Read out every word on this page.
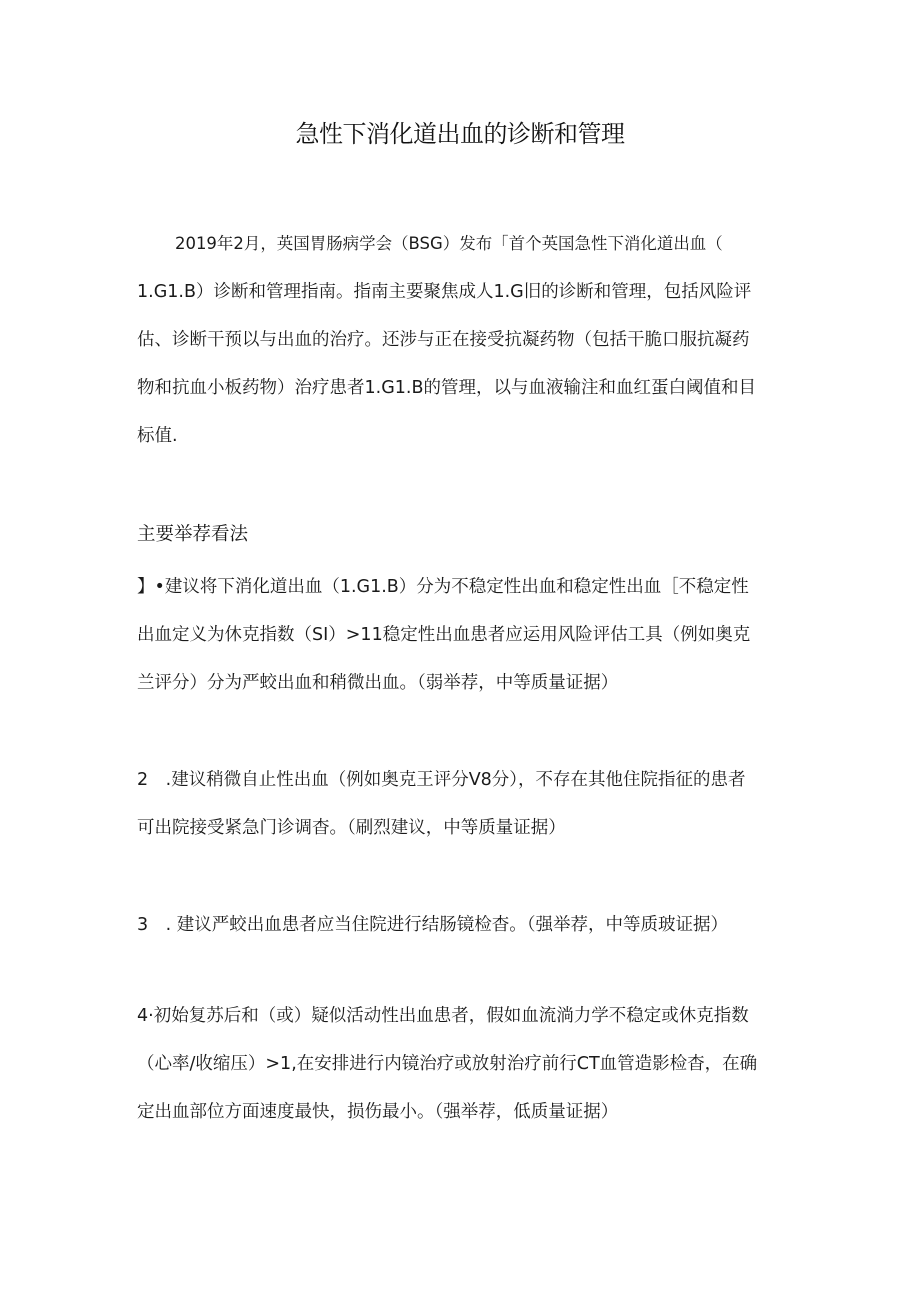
急性下消化道出血的诊断和管理
2019年2月，英国胃肠病学会（BSG）发布「首个英国急性下消化道出血（
1.G1.B）诊断和管理指南。指南主要聚焦成人1.G旧的诊断和管理，包括风险评
估、诊断干预以与出血的治疗。还涉与正在接受抗凝药物（包括干脆口服抗凝药
物和抗血小板药物）治疗患者1.G1.B的管理，以与血液输注和血红蛋白阈值和目
标值.
主要举荐看法
】•建议将下消化道出血（1.G1.B）分为不稳定性出血和稳定性出血［不稳定性
出血定义为休克指数（SI）>11稳定性出血患者应运用风险评估工具（例如奥克
兰评分）分为严蛟出血和稍微出血。（弱举荐，中等质量证据）
2　.建议稍微自止性出血（例如奥克王评分V8分），不存在其他住院指征的患者
可出院接受紧急门诊调杳。（刷烈建议，中等质量证据）
3　. 建议严蛟出血患者应当住院进行结肠镜检杳。（强举荐，中等质玻证据）
4·初始复苏后和（或）疑似活动性出血患者，假如血流淌力学不稳定或休克指数
（心率/收缩压）>1,在安排进行内镜治疗或放射治疗前行CT血管造影检杳，在确
定出血部位方面速度最快，损伤最小。（强举荐，低质量证据）
